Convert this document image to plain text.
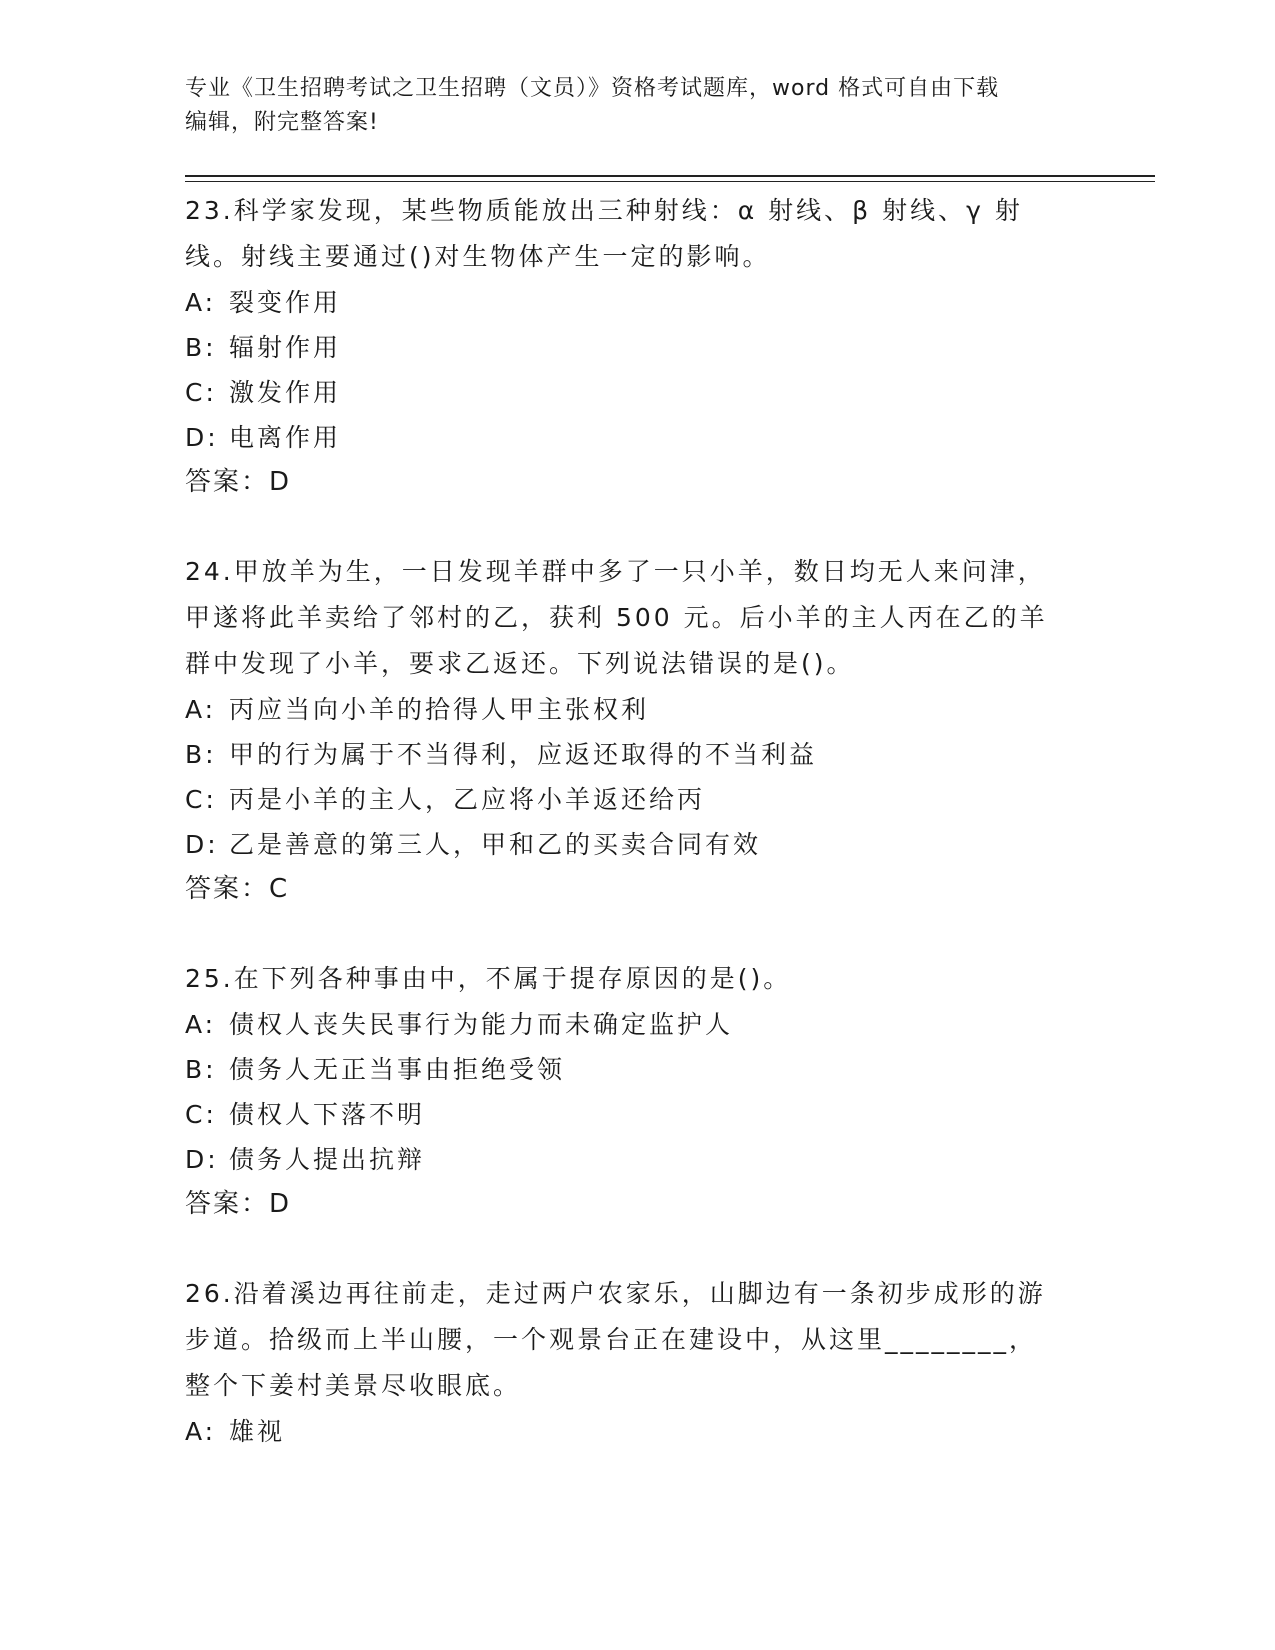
专业《卫生招聘考试之卫生招聘（文员）》资格考试题库，word 格式可自由下载
编辑，附完整答案!
23.科学家发现，某些物质能放出三种射线：α 射线、β 射线、γ 射
线。射线主要通过()对生物体产生一定的影响。
A: 裂变作用
B: 辐射作用
C: 激发作用
D: 电离作用
答案：D
24.甲放羊为生，一日发现羊群中多了一只小羊，数日均无人来问津，
甲遂将此羊卖给了邻村的乙，获利 500 元。后小羊的主人丙在乙的羊
群中发现了小羊，要求乙返还。下列说法错误的是()。
A: 丙应当向小羊的拾得人甲主张权利
B: 甲的行为属于不当得利，应返还取得的不当利益
C: 丙是小羊的主人，乙应将小羊返还给丙
D: 乙是善意的第三人，甲和乙的买卖合同有效
答案：C
25.在下列各种事由中，不属于提存原因的是()。
A: 债权人丧失民事行为能力而未确定监护人
B: 债务人无正当事由拒绝受领
C: 债权人下落不明
D: 债务人提出抗辩
答案：D
26.沿着溪边再往前走，走过两户农家乐，山脚边有一条初步成形的游
步道。拾级而上半山腰，一个观景台正在建设中，从这里________，
整个下姜村美景尽收眼底。
A: 雄视
